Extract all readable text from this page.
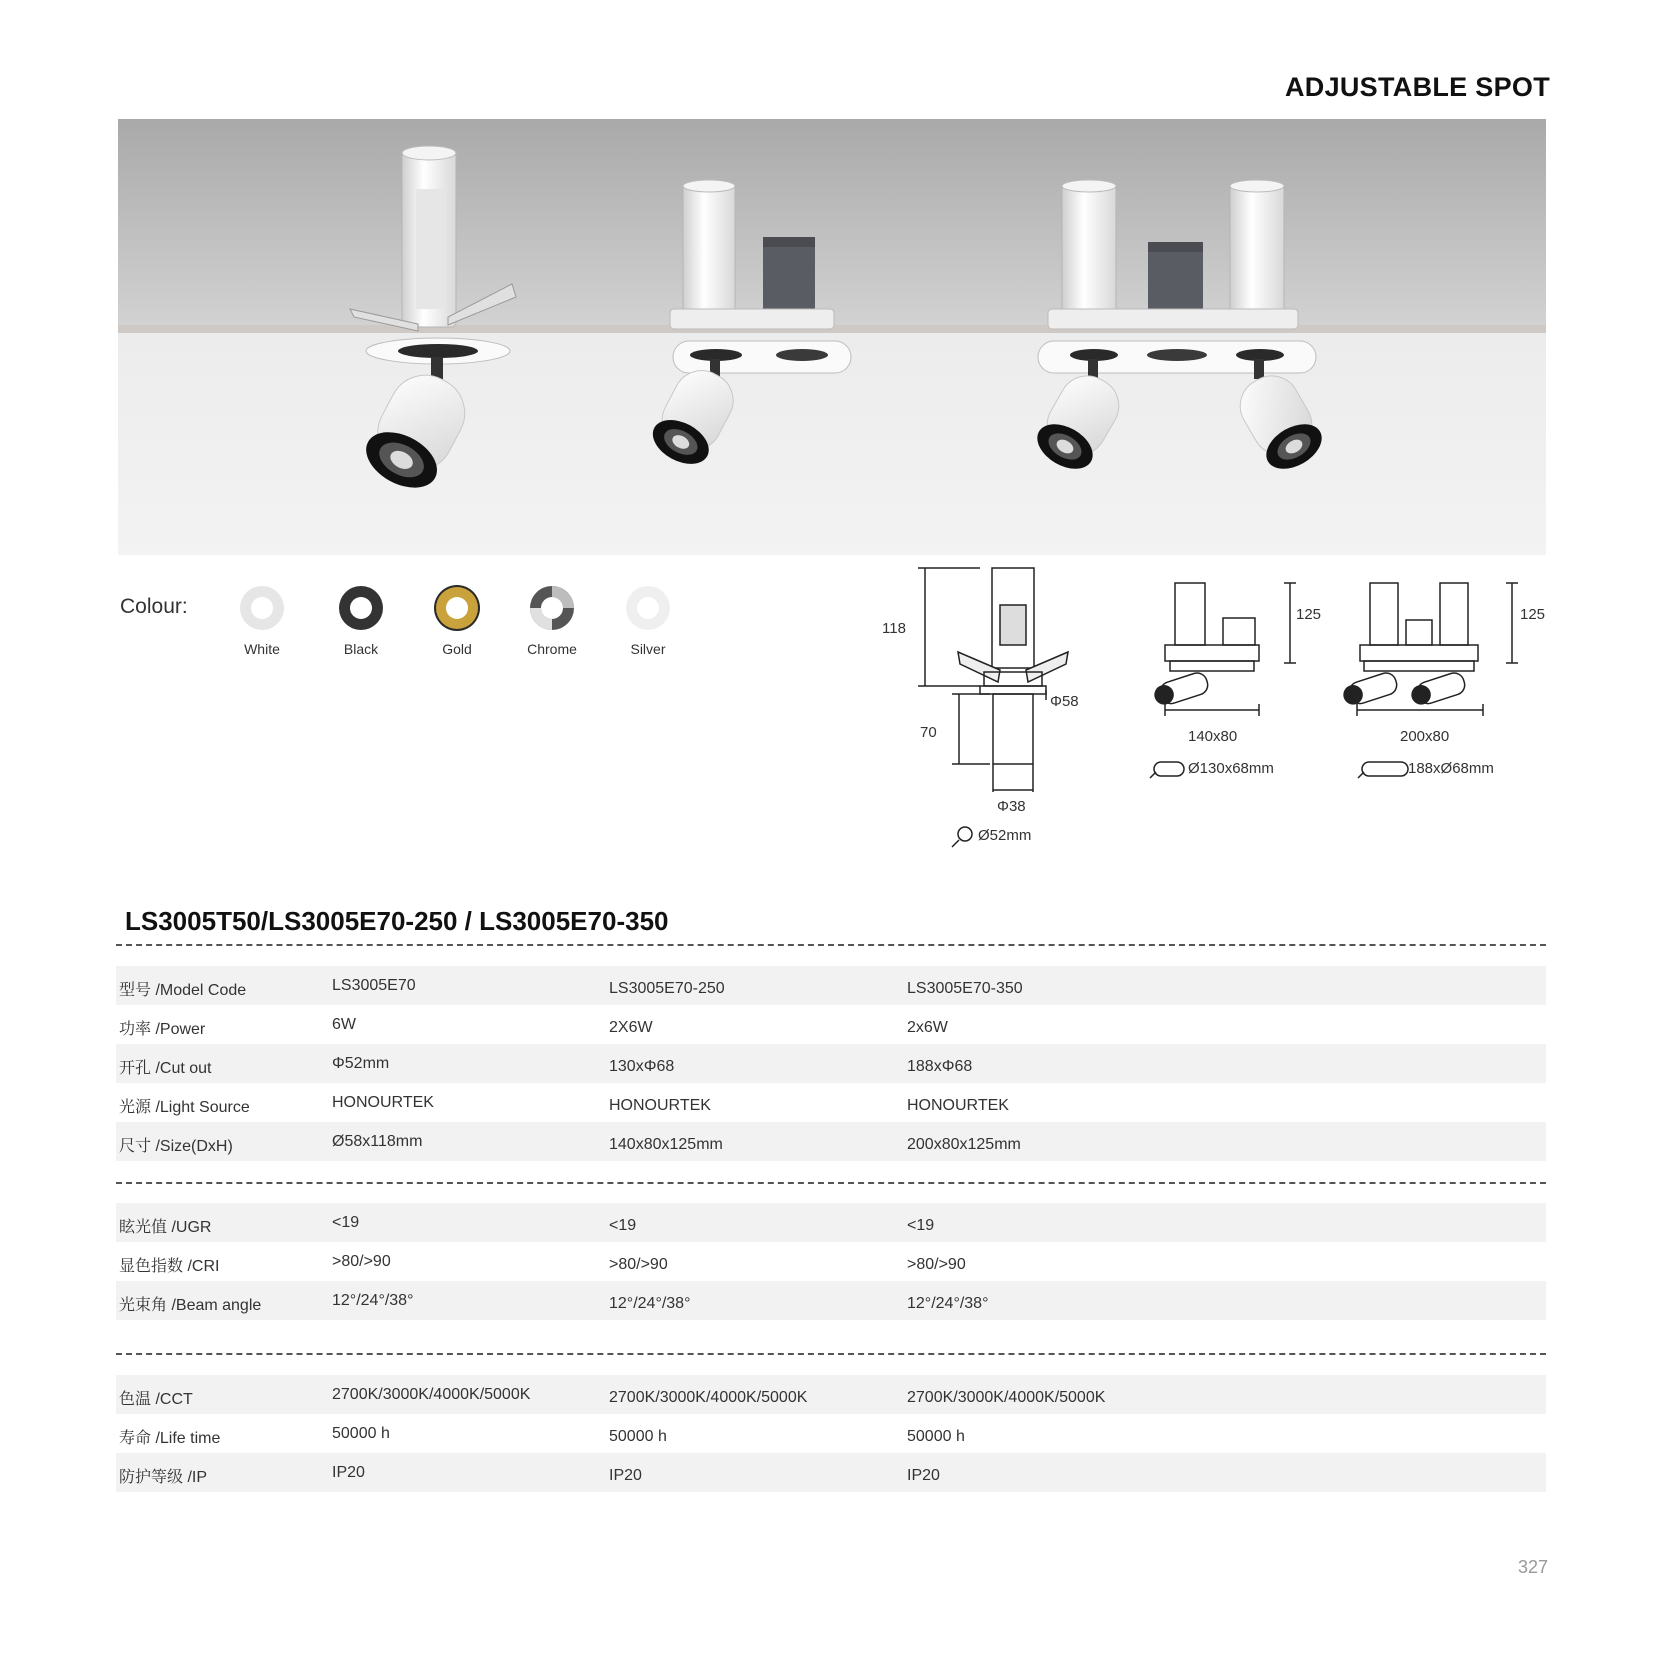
ADJUSTABLE SPOT
Colour:
White	Black	Gold	Chrome	Silver
118
Φ58
70
Φ38
Ø52mm
125
140x80
Ø130x68mm
125
200x80
188xØ68mm
LS3005T50/LS3005E70-250 / LS3005E70-350
型号 /Model Code	LS3005E70	LS3005E70-250	LS3005E70-350
功率 /Power	6W	2X6W	2x6W
开孔 /Cut out	Φ52mm	130xΦ68	188xΦ68
光源 /Light Source	HONOURTEK	HONOURTEK	HONOURTEK
尺寸 /Size(DxH)	Ø58x118mm	140x80x125mm	200x80x125mm
眩光值 /UGR	<19	<19	<19
显色指数 /CRI	>80/>90	>80/>90	>80/>90
光束角 /Beam angle	12°/24°/38°	12°/24°/38°	12°/24°/38°
色温 /CCT	2700K/3000K/4000K/5000K	2700K/3000K/4000K/5000K	2700K/3000K/4000K/5000K
寿命 /Life time	50000 h	50000 h	50000 h
防护等级 /IP	IP20	IP20	IP20
327
